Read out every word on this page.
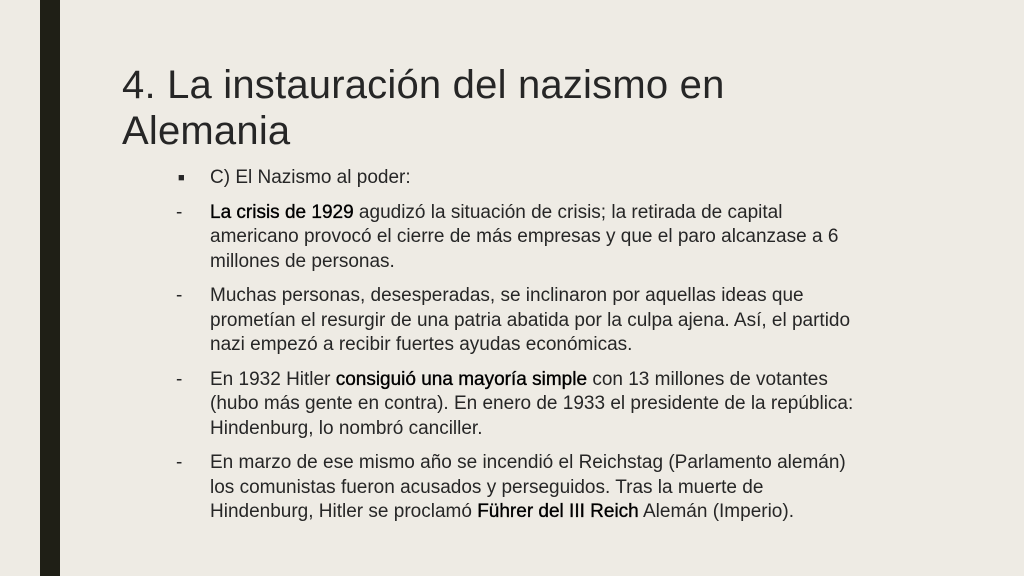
4. La instauración del nazismo en Alemania
■	C) El Nazismo al poder:
-	La crisis de 1929 agudizó la situación de crisis; la retirada de capital americano provocó el cierre de más empresas y que el paro alcanzase a 6 millones de personas.
-	Muchas personas, desesperadas, se inclinaron por aquellas ideas que prometían el resurgir de una patria abatida por la culpa ajena. Así, el partido nazi empezó a recibir fuertes ayudas económicas.
-	En 1932 Hitler consiguió una mayoría simple con 13 millones de votantes (hubo más gente en contra). En enero de 1933 el presidente de la república: Hindenburg, lo nombró canciller.
-	En marzo de ese mismo año se incendió el Reichstag (Parlamento alemán) los comunistas fueron acusados y perseguidos. Tras la muerte de Hindenburg, Hitler se proclamó Führer del III Reich Alemán (Imperio).
